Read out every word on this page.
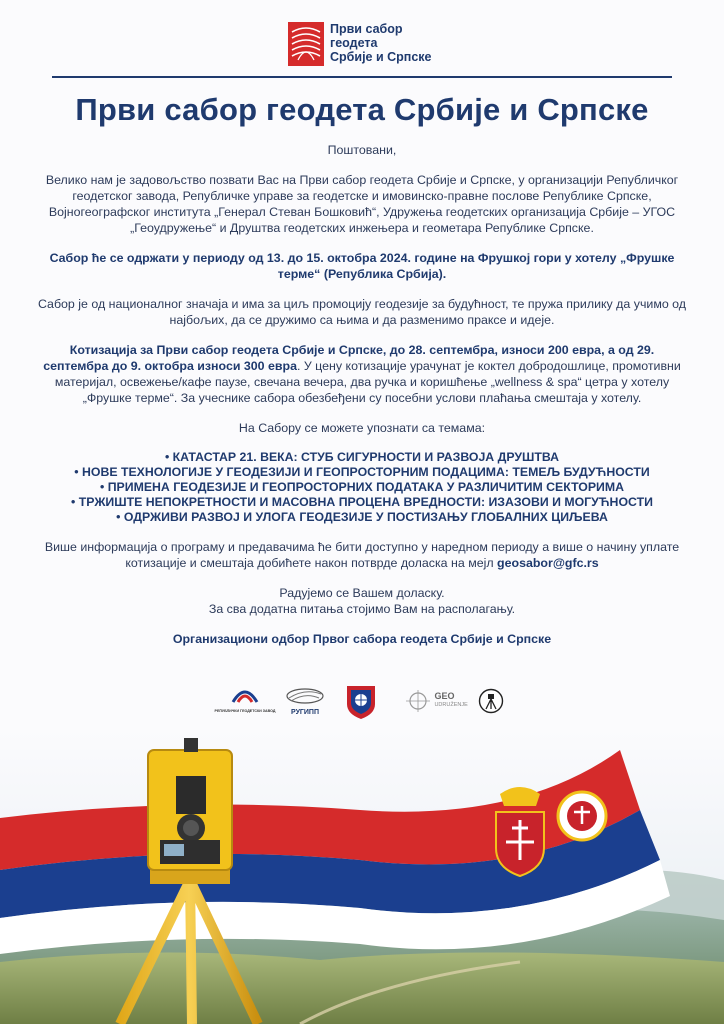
Први сабор
геодета
Србије и Српске
Први сабор геодета Србије и Српске

Поштовани,

Велико нам је задовољство позвати Вас на Први сабор геодета Србије и Српске, у организацији Републичког геодетског завода, Републичке управе за геодетске и имовинско-правне послове Републике Српске, Војногеографског института „Генерал Стеван Бошковић“, Удружења геодетских организација Србије – УГОС „Геоудружење“ и Друштва геодетских инжењера и геометара Републике Српске.

Сабор ће се одржати у периоду од 13. до 15. октобра 2024. године на Фрушкој гори у хотелу „Фрушке терме“ (Република Србија).

Сабор је од националног значаја и има за циљ промоцију геодезије за будућност, те пружа прилику да учимо од најбољих, да се дружимо са њима и да разменимо праксе и идеје.

Котизација за Први сабор геодета Србије и Српске, до 28. септембра, износи 200 евра, а од 29. септембра до 9. октобра износи 300 евра. У цену котизације урачунат је коктел добродошлице, промотивни материјал, освежење/кафе паузе, свечана вечера, два ручка и коришћење „wellness & spa“ цетра у хотелу „Фрушке терме“. За учеснике сабора обезбеђени су посебни услови плаћања смештаја у хотелу.

На Сабору се можете упознати са темама:

• КАТАСТАР 21. ВЕКА: СТУБ СИГУРНОСТИ И РАЗВОЈА ДРУШТВА
• НОВЕ ТЕХНОЛОГИЈЕ У ГЕОДЕЗИЈИ И ГЕОПРОСТОРНИМ ПОДАЦИМА: ТЕМЕЉ БУДУЋНОСТИ
• ПРИМЕНА ГЕОДЕЗИЈЕ И ГЕОПРОСТОРНИХ ПОДАТАКА У РАЗЛИЧИТИМ СЕКТОРИМА
• ТРЖИШТЕ НЕПОКРЕТНОСТИ И МАСОВНА ПРОЦЕНА ВРЕДНОСТИ: ИЗАЗОВИ И МОГУЋНОСТИ
• ОДРЖИВИ РАЗВОЈ И УЛОГА ГЕОДЕЗИЈЕ У ПОСТИЗАЊУ ГЛОБАЛНИХ ЦИЉЕВА

Више информација о програму и предавачима ће бити доступно у наредном периоду а више о начину уплате котизације и смештаја добићете након потврде доласка на мејл geosabor@gfc.rs

Радујемо се Вашем доласку.

За сва додатна питања стојимо Вам на располагању.

Организациони одбор Првог сабора геодета Србије и Српске

РЕПУБЛИЧКИ ГЕОДЕТСКИ ЗАВОД	РУГИПП

GEO
UDRUŽENJE
